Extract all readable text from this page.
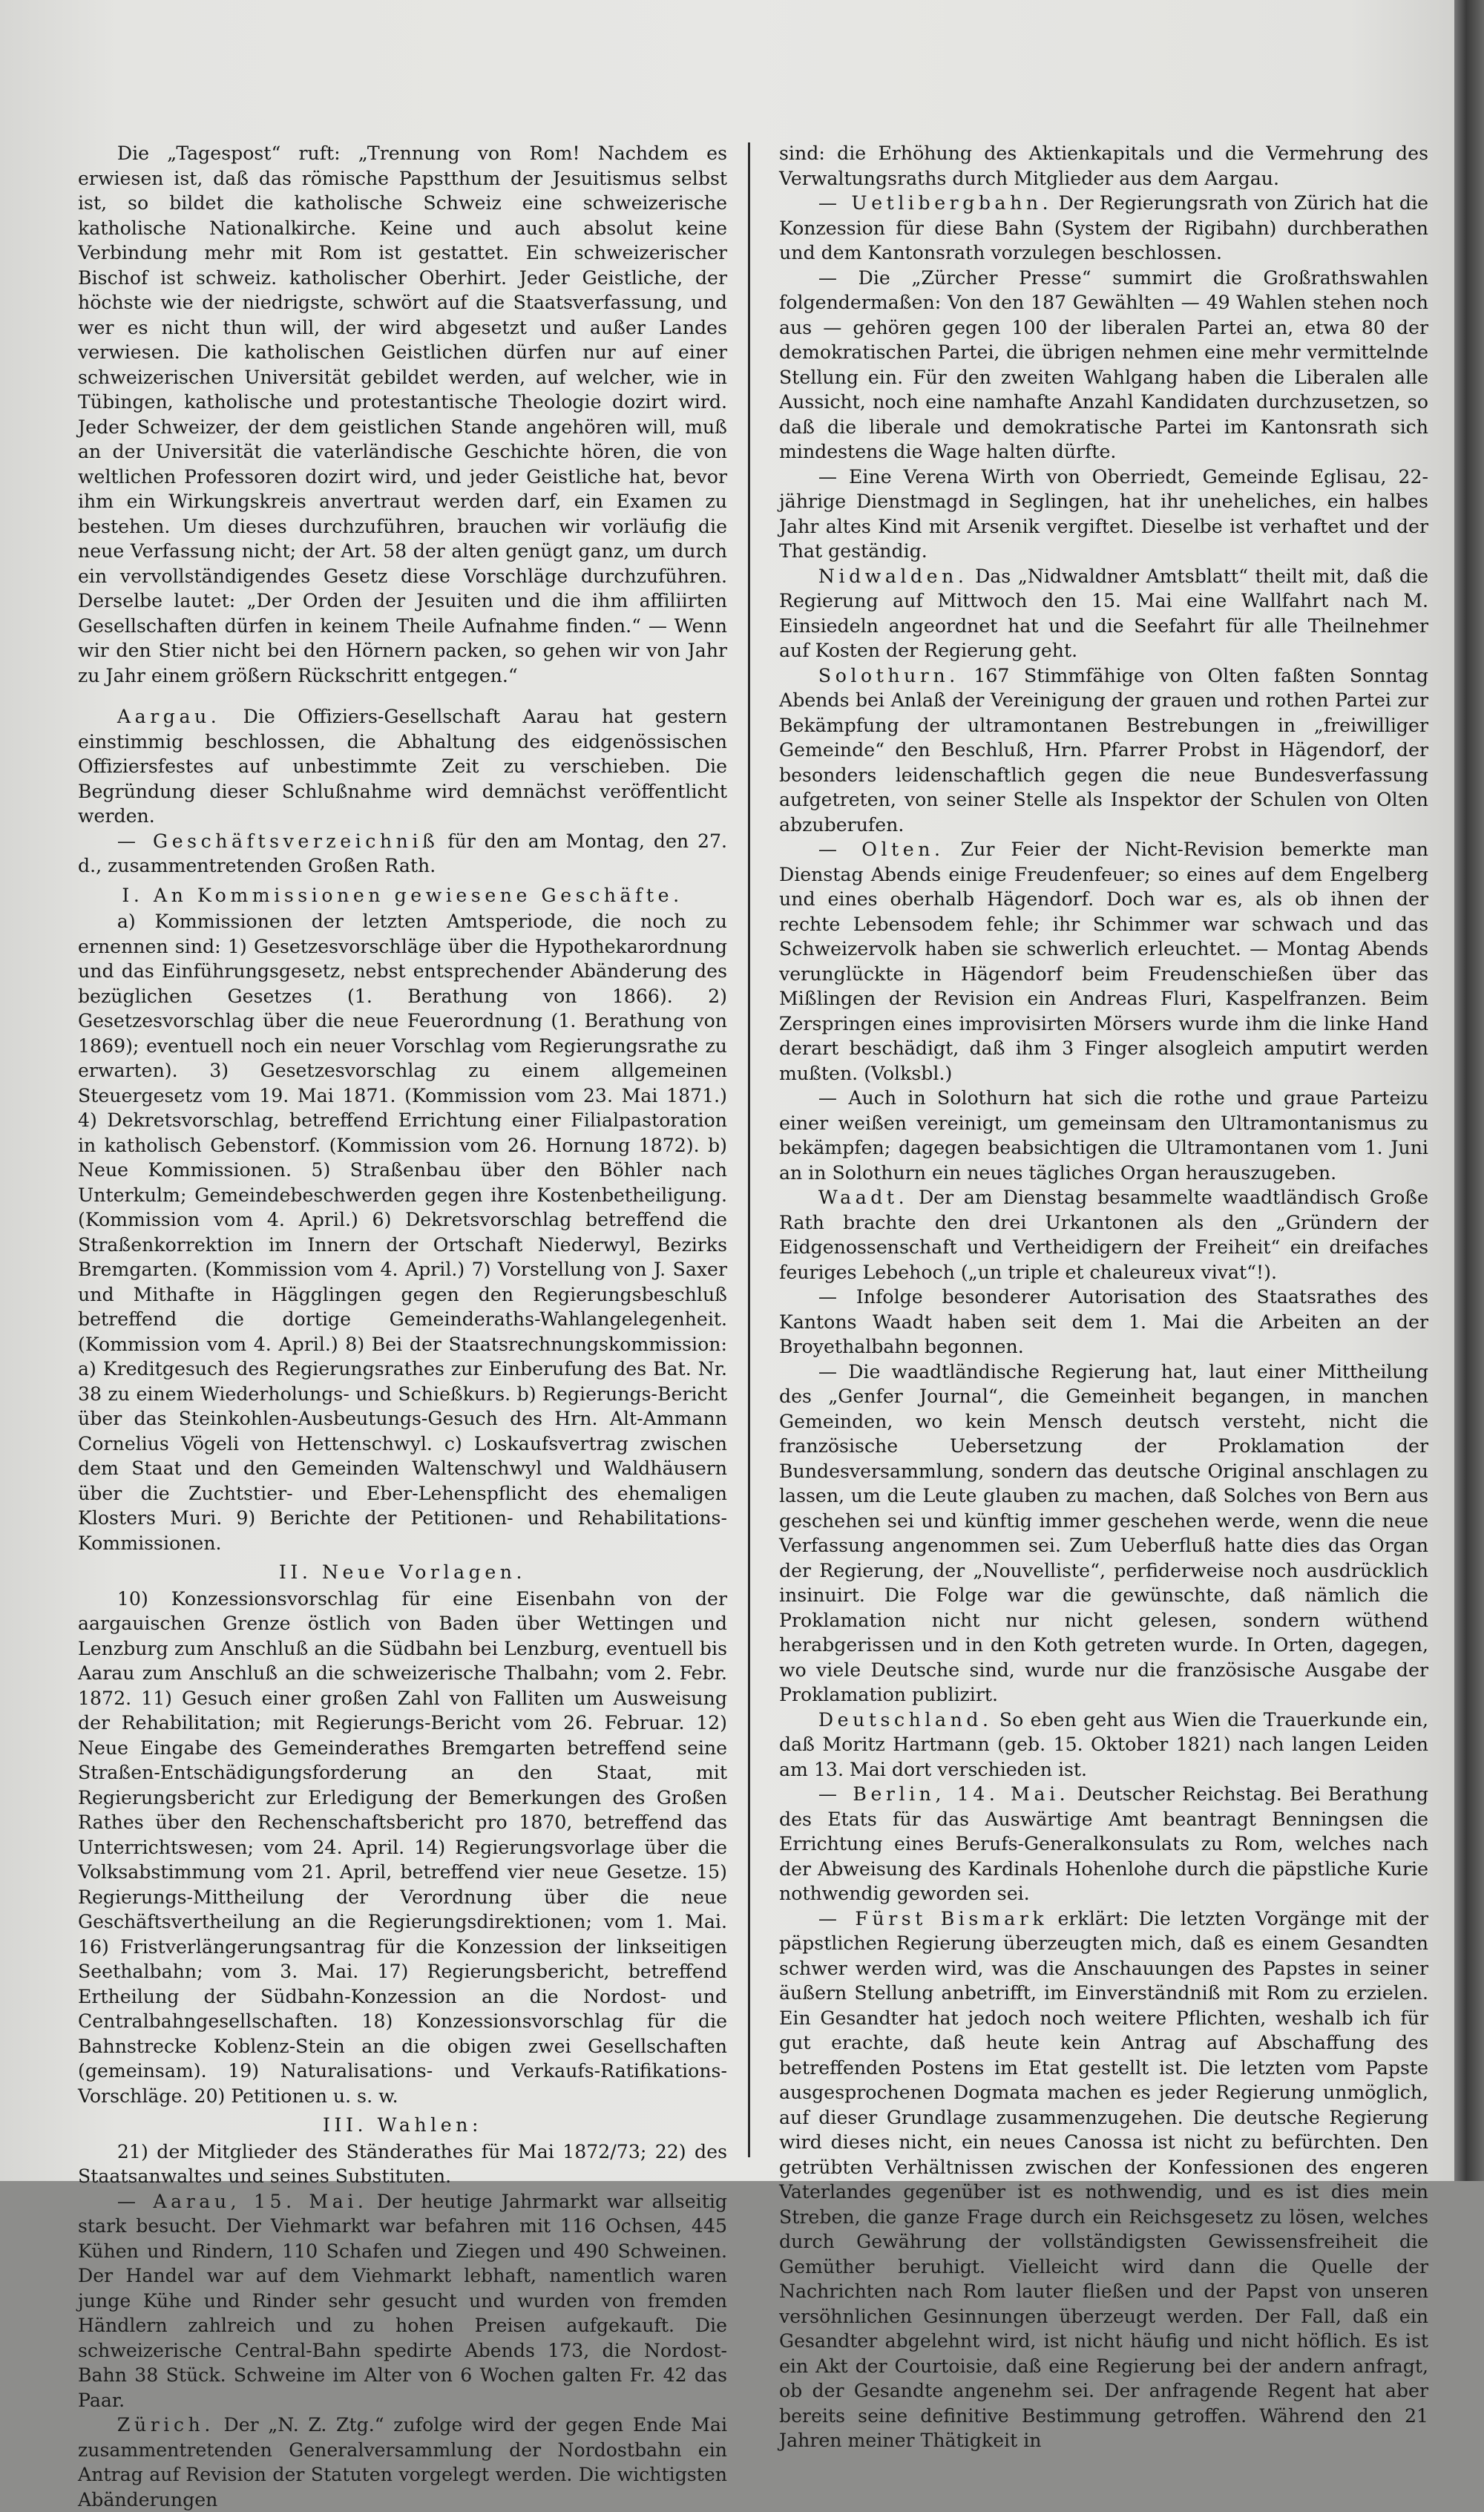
Die „Tagespost“ ruft: „Trennung von Rom! Nachdem es erwiesen ist, daß das römische Papstthum der Jesuitismus selbst ist, so bildet die katholische Schweiz eine schweizerische katholische Nationalkirche. Keine und auch absolut keine Verbindung mehr mit Rom ist gestattet. Ein schweizerischer Bischof ist schweiz. katholischer Oberhirt. Jeder Geistliche, der höchste wie der niedrigste, schwört auf die Staatsverfassung, und wer es nicht thun will, der wird abgesetzt und außer Landes verwiesen. Die katholischen Geistlichen dürfen nur auf einer schweizerischen Universität gebildet werden, auf welcher, wie in Tübingen, katholische und protestantische Theologie dozirt wird. Jeder Schweizer, der dem geistlichen Stande angehören will, muß an der Universität die vaterländische Geschichte hören, die von weltlichen Professoren dozirt wird, und jeder Geistliche hat, bevor ihm ein Wirkungskreis anvertraut werden darf, ein Examen zu bestehen. Um dieses durchzuführen, brauchen wir vorläufig die neue Verfassung nicht; der Art. 58 der alten genügt ganz, um durch ein vervollständigendes Gesetz diese Vorschläge durchzuführen. Derselbe lautet: „Der Orden der Jesuiten und die ihm affiliirten Gesellschaften dürfen in keinem Theile Aufnahme finden.“ — Wenn wir den Stier nicht bei den Hörnern packen, so gehen wir von Jahr zu Jahr einem größern Rückschritt entgegen.“

Aargau. Die Offiziers-Gesellschaft Aarau hat gestern einstimmig beschlossen, die Abhaltung des eidgenössischen Offiziersfestes auf unbestimmte Zeit zu verschieben. Die Begründung dieser Schlußnahme wird demnächst veröffentlicht werden.

— Geschäftsverzeichniß für den am Montag, den 27. d., zusammentretenden Großen Rath.

I. An Kommissionen gewiesene Geschäfte.

a) Kommissionen der letzten Amtsperiode, die noch zu ernennen sind: 1) Gesetzesvorschläge über die Hypothekarordnung und das Einführungsgesetz, nebst entsprechender Abänderung des bezüglichen Gesetzes (1. Berathung von 1866). 2) Gesetzesvorschlag über die neue Feuerordnung (1. Berathung von 1869); eventuell noch ein neuer Vorschlag vom Regierungsrathe zu erwarten). 3) Gesetzesvorschlag zu einem allgemeinen Steuergesetz vom 19. Mai 1871. (Kommission vom 23. Mai 1871.) 4) Dekretsvorschlag, betreffend Errichtung einer Filialpastoration in katholisch Gebenstorf. (Kommission vom 26. Hornung 1872). b) Neue Kommissionen. 5) Straßenbau über den Böhler nach Unterkulm; Gemeindebeschwerden gegen ihre Kostenbetheiligung. (Kommission vom 4. April.) 6) Dekretsvorschlag betreffend die Straßenkorrektion im Innern der Ortschaft Niederwyl, Bezirks Bremgarten. (Kommission vom 4. April.) 7) Vorstellung von J. Saxer und Mithafte in Hägglingen gegen den Regierungsbeschluß betreffend die dortige Gemeinderaths-Wahlangelegenheit. (Kommission vom 4. April.) 8) Bei der Staatsrechnungskommission: a) Kreditgesuch des Regierungsrathes zur Einberufung des Bat. Nr. 38 zu einem Wiederholungs- und Schießkurs. b) Regierungs-Bericht über das Steinkohlen-Ausbeutungs-Gesuch des Hrn. Alt-Ammann Cornelius Vögeli von Hettenschwyl. c) Loskaufsvertrag zwischen dem Staat und den Gemeinden Waltenschwyl und Waldhäusern über die Zuchtstier- und Eber-Lehenspflicht des ehemaligen Klosters Muri. 9) Berichte der Petitionen- und Rehabilitations-Kommissionen.

II. Neue Vorlagen.

10) Konzessionsvorschlag für eine Eisenbahn von der aargauischen Grenze östlich von Baden über Wettingen und Lenzburg zum Anschluß an die Südbahn bei Lenzburg, eventuell bis Aarau zum Anschluß an die schweizerische Thalbahn; vom 2. Febr. 1872. 11) Gesuch einer großen Zahl von Falliten um Ausweisung der Rehabilitation; mit Regierungs-Bericht vom 26. Februar. 12) Neue Eingabe des Gemeinderathes Bremgarten betreffend seine Straßen-Entschädigungsforderung an den Staat, mit Regierungsbericht zur Erledigung der Bemerkungen des Großen Rathes über den Rechenschaftsbericht pro 1870, betreffend das Unterrichtswesen; vom 24. April. 14) Regierungsvorlage über die Volksabstimmung vom 21. April, betreffend vier neue Gesetze. 15) Regierungs-Mittheilung der Verordnung über die neue Geschäftsvertheilung an die Regierungsdirektionen; vom 1. Mai. 16) Fristverlängerungsantrag für die Konzession der linkseitigen Seethalbahn; vom 3. Mai. 17) Regierungsbericht, betreffend Ertheilung der Südbahn-Konzession an die Nordost- und Centralbahngesellschaften. 18) Konzessionsvorschlag für die Bahnstrecke Koblenz-Stein an die obigen zwei Gesellschaften (gemeinsam). 19) Naturalisations- und Verkaufs-Ratifikations-Vorschläge. 20) Petitionen u. s. w.

III. Wahlen:

21) der Mitglieder des Ständerathes für Mai 1872/73; 22) des Staatsanwaltes und seines Substituten.

— Aarau, 15. Mai. Der heutige Jahrmarkt war allseitig stark besucht. Der Viehmarkt war befahren mit 116 Ochsen, 445 Kühen und Rindern, 110 Schafen und Ziegen und 490 Schweinen. Der Handel war auf dem Viehmarkt lebhaft, namentlich waren junge Kühe und Rinder sehr gesucht und wurden von fremden Händlern zahlreich und zu hohen Preisen aufgekauft. Die schweizerische Central-Bahn spedirte Abends 173, die Nordost-Bahn 38 Stück. Schweine im Alter von 6 Wochen galten Fr. 42 das Paar.

Zürich. Der „N. Z. Ztg.“ zufolge wird der gegen Ende Mai zusammentretenden Generalversammlung der Nordostbahn ein Antrag auf Revision der Statuten vorgelegt werden. Die wichtigsten Abänderungen

sind: die Erhöhung des Aktienkapitals und die Vermehrung des Verwaltungsraths durch Mitglieder aus dem Aargau.

— Uetlibergbahn. Der Regierungsrath von Zürich hat die Konzession für diese Bahn (System der Rigibahn) durchberathen und dem Kantonsrath vorzulegen beschlossen.

— Die „Zürcher Presse“ summirt die Großrathswahlen folgendermaßen: Von den 187 Gewählten — 49 Wahlen stehen noch aus — gehören gegen 100 der liberalen Partei an, etwa 80 der demokratischen Partei, die übrigen nehmen eine mehr vermittelnde Stellung ein. Für den zweiten Wahlgang haben die Liberalen alle Aussicht, noch eine namhafte Anzahl Kandidaten durchzusetzen, so daß die liberale und demokratische Partei im Kantonsrath sich mindestens die Wage halten dürfte.

— Eine Verena Wirth von Oberriedt, Gemeinde Eglisau, 22-jährige Dienstmagd in Seglingen, hat ihr uneheliches, ein halbes Jahr altes Kind mit Arsenik vergiftet. Dieselbe ist verhaftet und der That geständig.

Nidwalden. Das „Nidwaldner Amtsblatt“ theilt mit, daß die Regierung auf Mittwoch den 15. Mai eine Wallfahrt nach M. Einsiedeln angeordnet hat und die Seefahrt für alle Theilnehmer auf Kosten der Regierung geht.

Solothurn. 167 Stimmfähige von Olten faßten Sonntag Abends bei Anlaß der Vereinigung der grauen und rothen Partei zur Bekämpfung der ultramontanen Bestrebungen in „freiwilliger Gemeinde“ den Beschluß, Hrn. Pfarrer Probst in Hägendorf, der besonders leidenschaftlich gegen die neue Bundesverfassung aufgetreten, von seiner Stelle als Inspektor der Schulen von Olten abzuberufen.

— Olten. Zur Feier der Nicht-Revision bemerkte man Dienstag Abends einige Freudenfeuer; so eines auf dem Engelberg und eines oberhalb Hägendorf. Doch war es, als ob ihnen der rechte Lebensodem fehle; ihr Schimmer war schwach und das Schweizervolk haben sie schwerlich erleuchtet. — Montag Abends verunglückte in Hägendorf beim Freudenschießen über das Mißlingen der Revision ein Andreas Fluri, Kaspelfranzen. Beim Zerspringen eines improvisirten Mörsers wurde ihm die linke Hand derart beschädigt, daß ihm 3 Finger alsogleich amputirt werden mußten. (Volksbl.)

— Auch in Solothurn hat sich die rothe und graue Parteizu einer weißen vereinigt, um gemeinsam den Ultramontanismus zu bekämpfen; dagegen beabsichtigen die Ultramontanen vom 1. Juni an in Solothurn ein neues tägliches Organ herauszugeben.

Waadt. Der am Dienstag besammelte waadtländisch Große Rath brachte den drei Urkantonen als den „Gründern der Eidgenossenschaft und Vertheidigern der Freiheit“ ein dreifaches feuriges Lebehoch („un triple et chaleureux vivat“!).

— Infolge besonderer Autorisation des Staatsrathes des Kantons Waadt haben seit dem 1. Mai die Arbeiten an der Broyethalbahn begonnen.

— Die waadtländische Regierung hat, laut einer Mittheilung des „Genfer Journal“, die Gemeinheit begangen, in manchen Gemeinden, wo kein Mensch deutsch versteht, nicht die französische Uebersetzung der Proklamation der Bundesversammlung, sondern das deutsche Original anschlagen zu lassen, um die Leute glauben zu machen, daß Solches von Bern aus geschehen sei und künftig immer geschehen werde, wenn die neue Verfassung angenommen sei. Zum Ueberfluß hatte dies das Organ der Regierung, der „Nouvelliste“, perfiderweise noch ausdrücklich insinuirt. Die Folge war die gewünschte, daß nämlich die Proklamation nicht nur nicht gelesen, sondern wüthend herabgerissen und in den Koth getreten wurde. In Orten, dagegen, wo viele Deutsche sind, wurde nur die französische Ausgabe der Proklamation publizirt.

Deutschland. So eben geht aus Wien die Trauerkunde ein, daß Moritz Hartmann (geb. 15. Oktober 1821) nach langen Leiden am 13. Mai dort verschieden ist.

— Berlin, 14. Mai. Deutscher Reichstag. Bei Berathung des Etats für das Auswärtige Amt beantragt Benningsen die Errichtung eines Berufs-Generalkonsulats zu Rom, welches nach der Abweisung des Kardinals Hohenlohe durch die päpstliche Kurie nothwendig geworden sei.

— Fürst Bismark erklärt: Die letzten Vorgänge mit der päpstlichen Regierung überzeugten mich, daß es einem Gesandten schwer werden wird, was die Anschauungen des Papstes in seiner äußern Stellung anbetrifft, im Einverständniß mit Rom zu erzielen. Ein Gesandter hat jedoch noch weitere Pflichten, weshalb ich für gut erachte, daß heute kein Antrag auf Abschaffung des betreffenden Postens im Etat gestellt ist. Die letzten vom Papste ausgesprochenen Dogmata machen es jeder Regierung unmöglich, auf dieser Grundlage zusammenzugehen. Die deutsche Regierung wird dieses nicht, ein neues Canossa ist nicht zu befürchten. Den getrübten Verhältnissen zwischen der Konfessionen des engeren Vaterlandes gegenüber ist es nothwendig, und es ist dies mein Streben, die ganze Frage durch ein Reichsgesetz zu lösen, welches durch Gewährung der vollständigsten Gewissensfreiheit die Gemüther beruhigt. Vielleicht wird dann die Quelle der Nachrichten nach Rom lauter fließen und der Papst von unseren versöhnlichen Gesinnungen überzeugt werden. Der Fall, daß ein Gesandter abgelehnt wird, ist nicht häufig und nicht höflich. Es ist ein Akt der Courtoisie, daß eine Regierung bei der andern anfragt, ob der Gesandte angenehm sei. Der anfragende Regent hat aber bereits seine definitive Bestimmung getroffen. Während den 21 Jahren meiner Thätigkeit in
